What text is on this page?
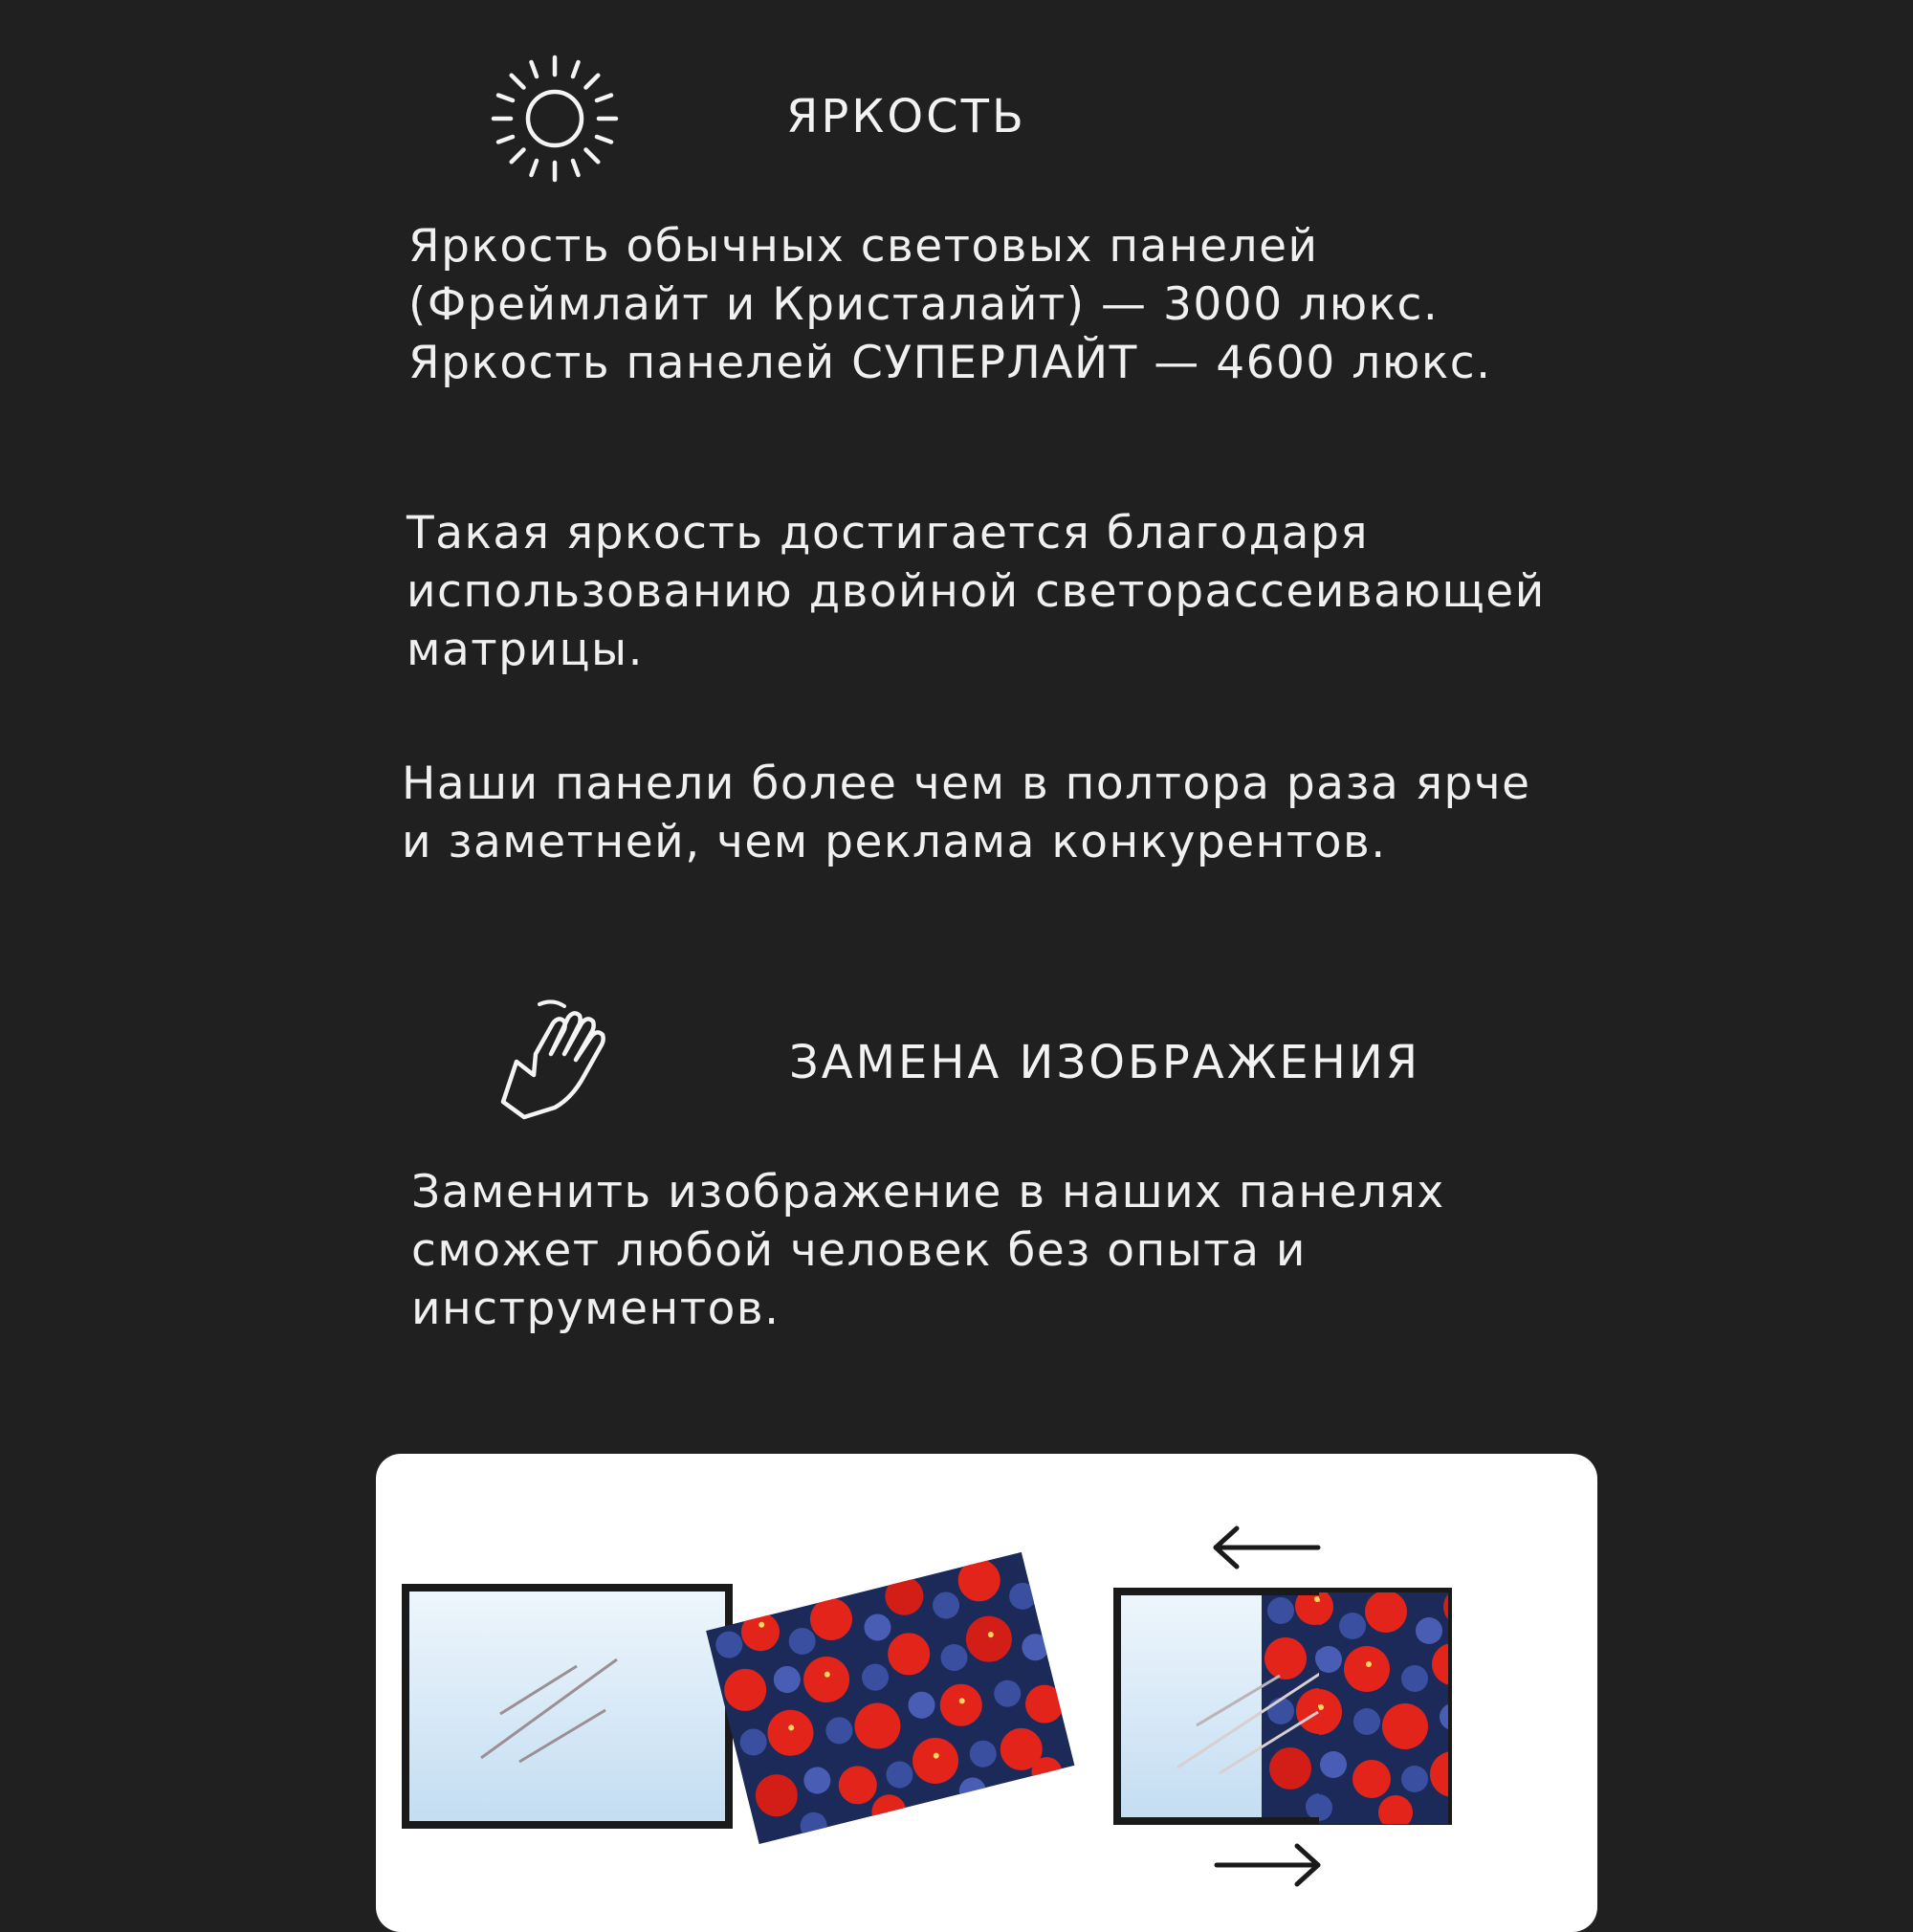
ЯРКОСТЬ
Яркость обычных световых панелей
(Фреймлайт и Кристалайт) — 3000 люкс.
Яркость панелей СУПЕРЛАЙТ — 4600 люкс.
Такая яркость достигается благодаря
использованию двойной светорассеивающей
матрицы.
Наши панели более чем в полтора раза ярче
и заметней, чем реклама конкурентов.
ЗАМЕНА ИЗОБРАЖЕНИЯ
Заменить изображение в наших панелях
сможет любой человек без опыта и
инструментов.
